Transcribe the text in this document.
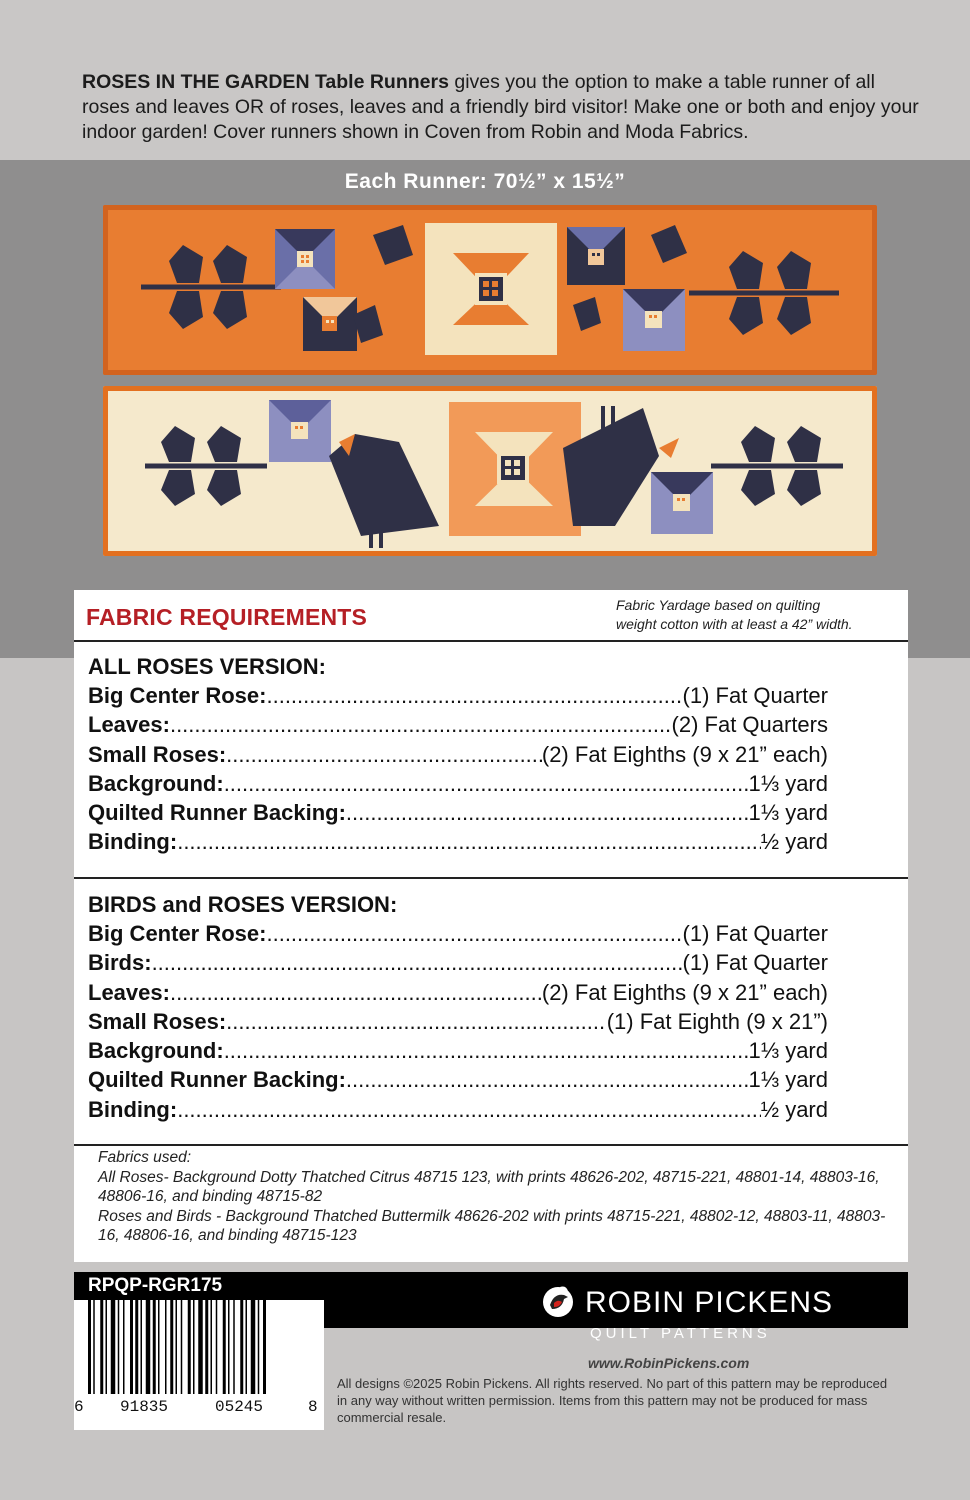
ROSES IN THE GARDEN Table Runners gives you the option to make a table runner of all roses and leaves OR of roses, leaves and a friendly bird visitor! Make one or both and enjoy your indoor garden! Cover runners shown in Coven from Robin and Moda Fabrics.
Each Runner: 70½” x 15½”
FABRIC REQUIREMENTS	Fabric Yardage based on quilting
weight cotton with at least a 42” width.
ALL ROSES VERSION:
Big Center Rose: .....	(1) Fat Quarter
Leaves: .....	(2) Fat Quarters
Small Roses: .....	(2) Fat Eighths (9 x 21” each)
Background: .....	1⅓ yard
Quilted Runner Backing: .....	1⅓ yard
Binding: .....	½ yard
BIRDS and ROSES VERSION:
Big Center Rose: .....	(1) Fat Quarter
Birds: .....	(1) Fat Quarter
Leaves: .....	(2) Fat Eighths (9 x 21” each)
Small Roses: .....	(1) Fat Eighth (9 x 21”)
Background: .....	1⅓ yard
Quilted Runner Backing: .....	1⅓ yard
Binding: .....	½ yard
Fabrics used:
All Roses- Background Dotty Thatched Citrus 48715 123, with prints 48626-202, 48715-221, 48801-14, 48803-16, 48806-16, and binding 48715-82
Roses and Birds - Background Thatched Buttermilk 48626-202 with prints 48715-221, 48802-12, 48803-11, 48803-16, 48806-16, and binding 48715-123
RPQP-RGR175
ROBIN PICKENS
QUILT PATTERNS
6 91835	05245	8
www.RobinPickens.com
All designs ©2025 Robin Pickens. All rights reserved. No part of this pattern may be reproduced in any way without written permission. Items from this pattern may not be produced for mass commercial resale.
